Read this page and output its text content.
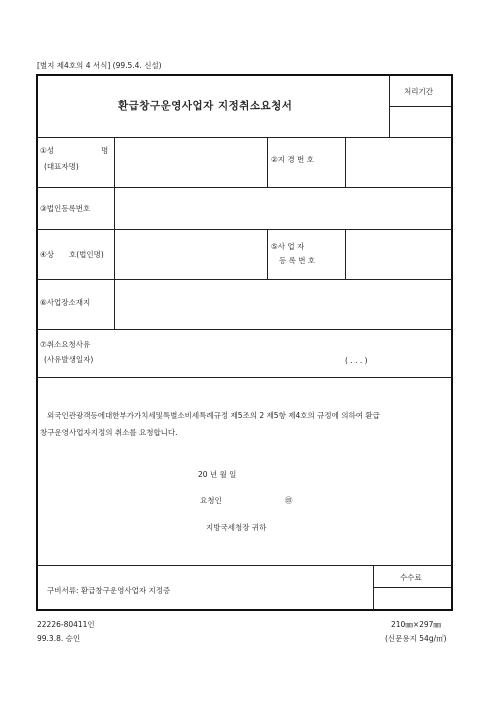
[별지 제4호의 4 서식] (99.5.4. 신설)
환급창구운영사업자 지정취소요청서
처리기간
①성	명
(대표자명)
②지 경 번 호
③법인등록번호
④상 호(법인명)
⑤사 업 자
등 록 번 호
⑥사업장소재지
⑦취소요청사유
(사유발생일자)	( . . . )
외국인관광객등에대한부가가치세및특별소비세특례규정 제5조의 2 제5항 제4호의 규정에 의하여 환급
창구운영사업자지정의 취소를 요청합니다.
20 년 월 일
요청인	㊞
지방국세청장 귀하
구비서류: 환급창구운영사업자 지정증
수수료
22226-80411인
99.3.8. 승인
210㎜×297㎜
(신문용지 54g/㎡)
